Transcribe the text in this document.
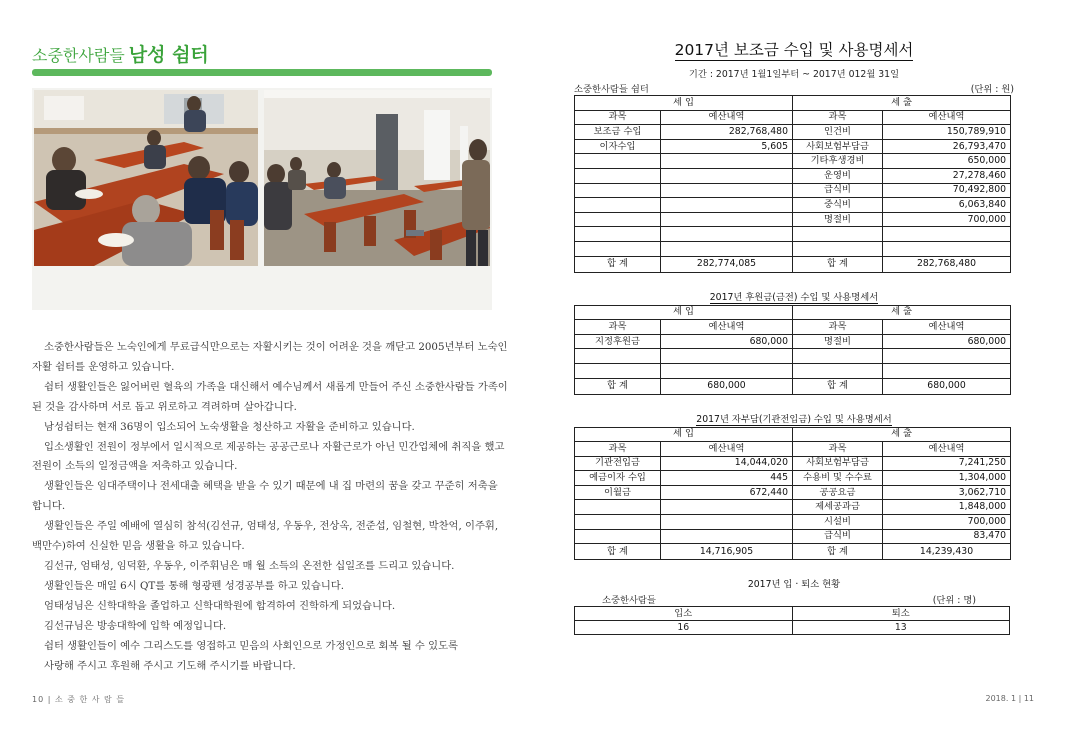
소중한사람들 남성 쉼터

소중한사람들은 노숙인에게 무료급식만으로는 자활시키는 것이 어려운 것을 깨닫고 2005년부터 노숙인

자활 쉼터를 운영하고 있습니다.

쉼터 생활인들은 잃어버린 혈육의 가족을 대신해서 예수님께서 새롭게 만들어 주신 소중한사람들 가족이

된 것을 감사하며 서로 돕고 위로하고 격려하며 살아갑니다.

남성쉼터는 현재 36명이 입소되어 노숙생활을 청산하고 자활을 준비하고 있습니다.

입소생활인 전원이 정부에서 일시적으로 제공하는 공공근로나 자활근로가 아닌 민간업체에 취직을 했고

전원이 소득의 일정금액을 저축하고 있습니다.

생활인들은 임대주택이나 전세대출 혜택을 받을 수 있기 때문에 내 집 마련의 꿈을 갖고 꾸준히 저축을

합니다.

생활인들은 주일 예배에 열심히 참석(김선규, 엄태성, 우동우, 전상옥, 전준섭, 임철현, 박찬억, 이주휘,

백만수)하여 신실한 믿음 생활을 하고 있습니다.

김선규, 엄태성, 임덕환, 우동우, 이주휘님은 매 월 소득의 온전한 십일조를 드리고 있습니다.

생활인들은 매일 6시 QT를 통해 형광펜 성경공부를 하고 있습니다.

엄태성님은 신학대학을 졸업하고 신학대학원에 합격하여 진학하게 되었습니다.

김선규님은 방송대학에 입학 예정입니다.

쉼터 생활인들이 예수 그리스도를 영접하고 믿음의 사회인으로 가정인으로 회복 될 수 있도록

사랑해 주시고 후원해 주시고 기도해 주시기를 바랍니다.

10 | 소 중 한 사 람 들
2017년 보조금 수입 및 사용명세서
기간 : 2017년 1월1일부터 ~ 2017년 012월 31일
소중한사람들 쉼터	(단위 : 원)
세 입		세 출	
과목	예산내역	과목	예산내역
보조금 수입	282,768,480	인건비	150,789,910
이자수입	5,605	사회보험부담금	26,793,470
		기타후생경비	650,000
		운영비	27,278,460
		급식비	70,492,800
		중식비	6,063,840
		명절비	700,000

합 계	282,774,085	합 계	282,768,480
2017년 후원금(금전) 수입 및 사용명세서
세 입		세 출	
과목	예산내역	과목	예산내역
지정후원금	680,000	명절비	680,000

합 계	680,000	합 계	680,000
2017년 자부담(기관전입금) 수입 및 사용명세서
세 입		세 출	
과목	예산내역	과목	예산내역
기관전입금	14,044,020	사회보험부담금	7,241,250
예금이자 수입	445	수용비 및 수수료	1,304,000
이월금	672,440	공공요금	3,062,710
		제세공과금	1,848,000
		시설비	700,000
		급식비	83,470
합 계	14,716,905	합 계	14,239,430
2017년 입 · 퇴소 현황
소중한사람들	(단위 : 명)
입소	퇴소
16	13
2018. 1 | 11
